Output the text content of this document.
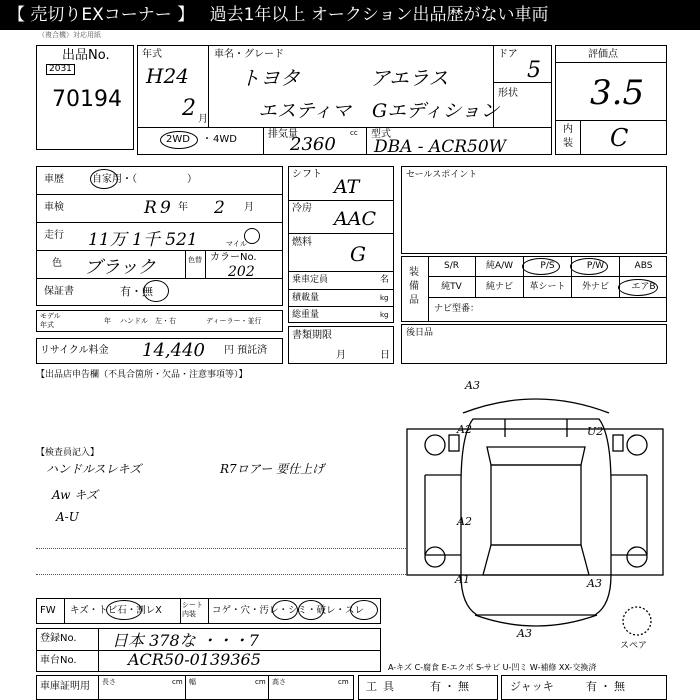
【 売切りEXコーナー 】 過去1年以上 オークション出品歴がない車両
（複合機）対応用紙
出品No.
2031
70194
年式
H24
2 月
車名・グレード
トヨタ	アエラス
エスティマ Gエディション
ドア
5
形状
2WD ・ 4WD	排気量
2360
cc 型式
DBA - ACR50W
評価点
3.5
内
装 C
車歴	自家用・（　　　　　）
車検	R 9 年 2 月
走行 11万 1千 521	マイル
色 ブラック	色替 カラーNo.
202
保証書	有・無
モデル年式	年 ハンドル　左・右	ディーラー・並行
リサイクル料金 14,440 円 預託済
シフト
AT
冷房 AAC
燃料 G
乗車定員	名
積載量	kg
総重量	kg
書類期限
月	日
セールスポイント
装備品
S/R	純A/W	P/S	P/W	ABS
純TV	純ナビ	革シート	外ナビ	エアB
ナビ型番：
後日品
【出品店申告欄（不具合箇所・欠品・注意事項等）】
【検査員記入】
ハンドルスレキズ
Aw キズ
A-U
R7ロアー 要仕上げ
A3
A2	U2
A2
A1	A3
A3
スペア
FW キズ・トビ石・割レX	シート内装	コゲ・穴・汚レ・シミ・破レ・スレ
登録No. 日本 378な ・・・7
車台No.	ACR50-0139365	A-キズ C-腐食 E-エクボ S-サビ U-凹ミ W-補修 XX-交換済
車庫証明用 長さ	cm 幅	cm 高さ	cm 工具	有・無	ジャッキ	有・無
